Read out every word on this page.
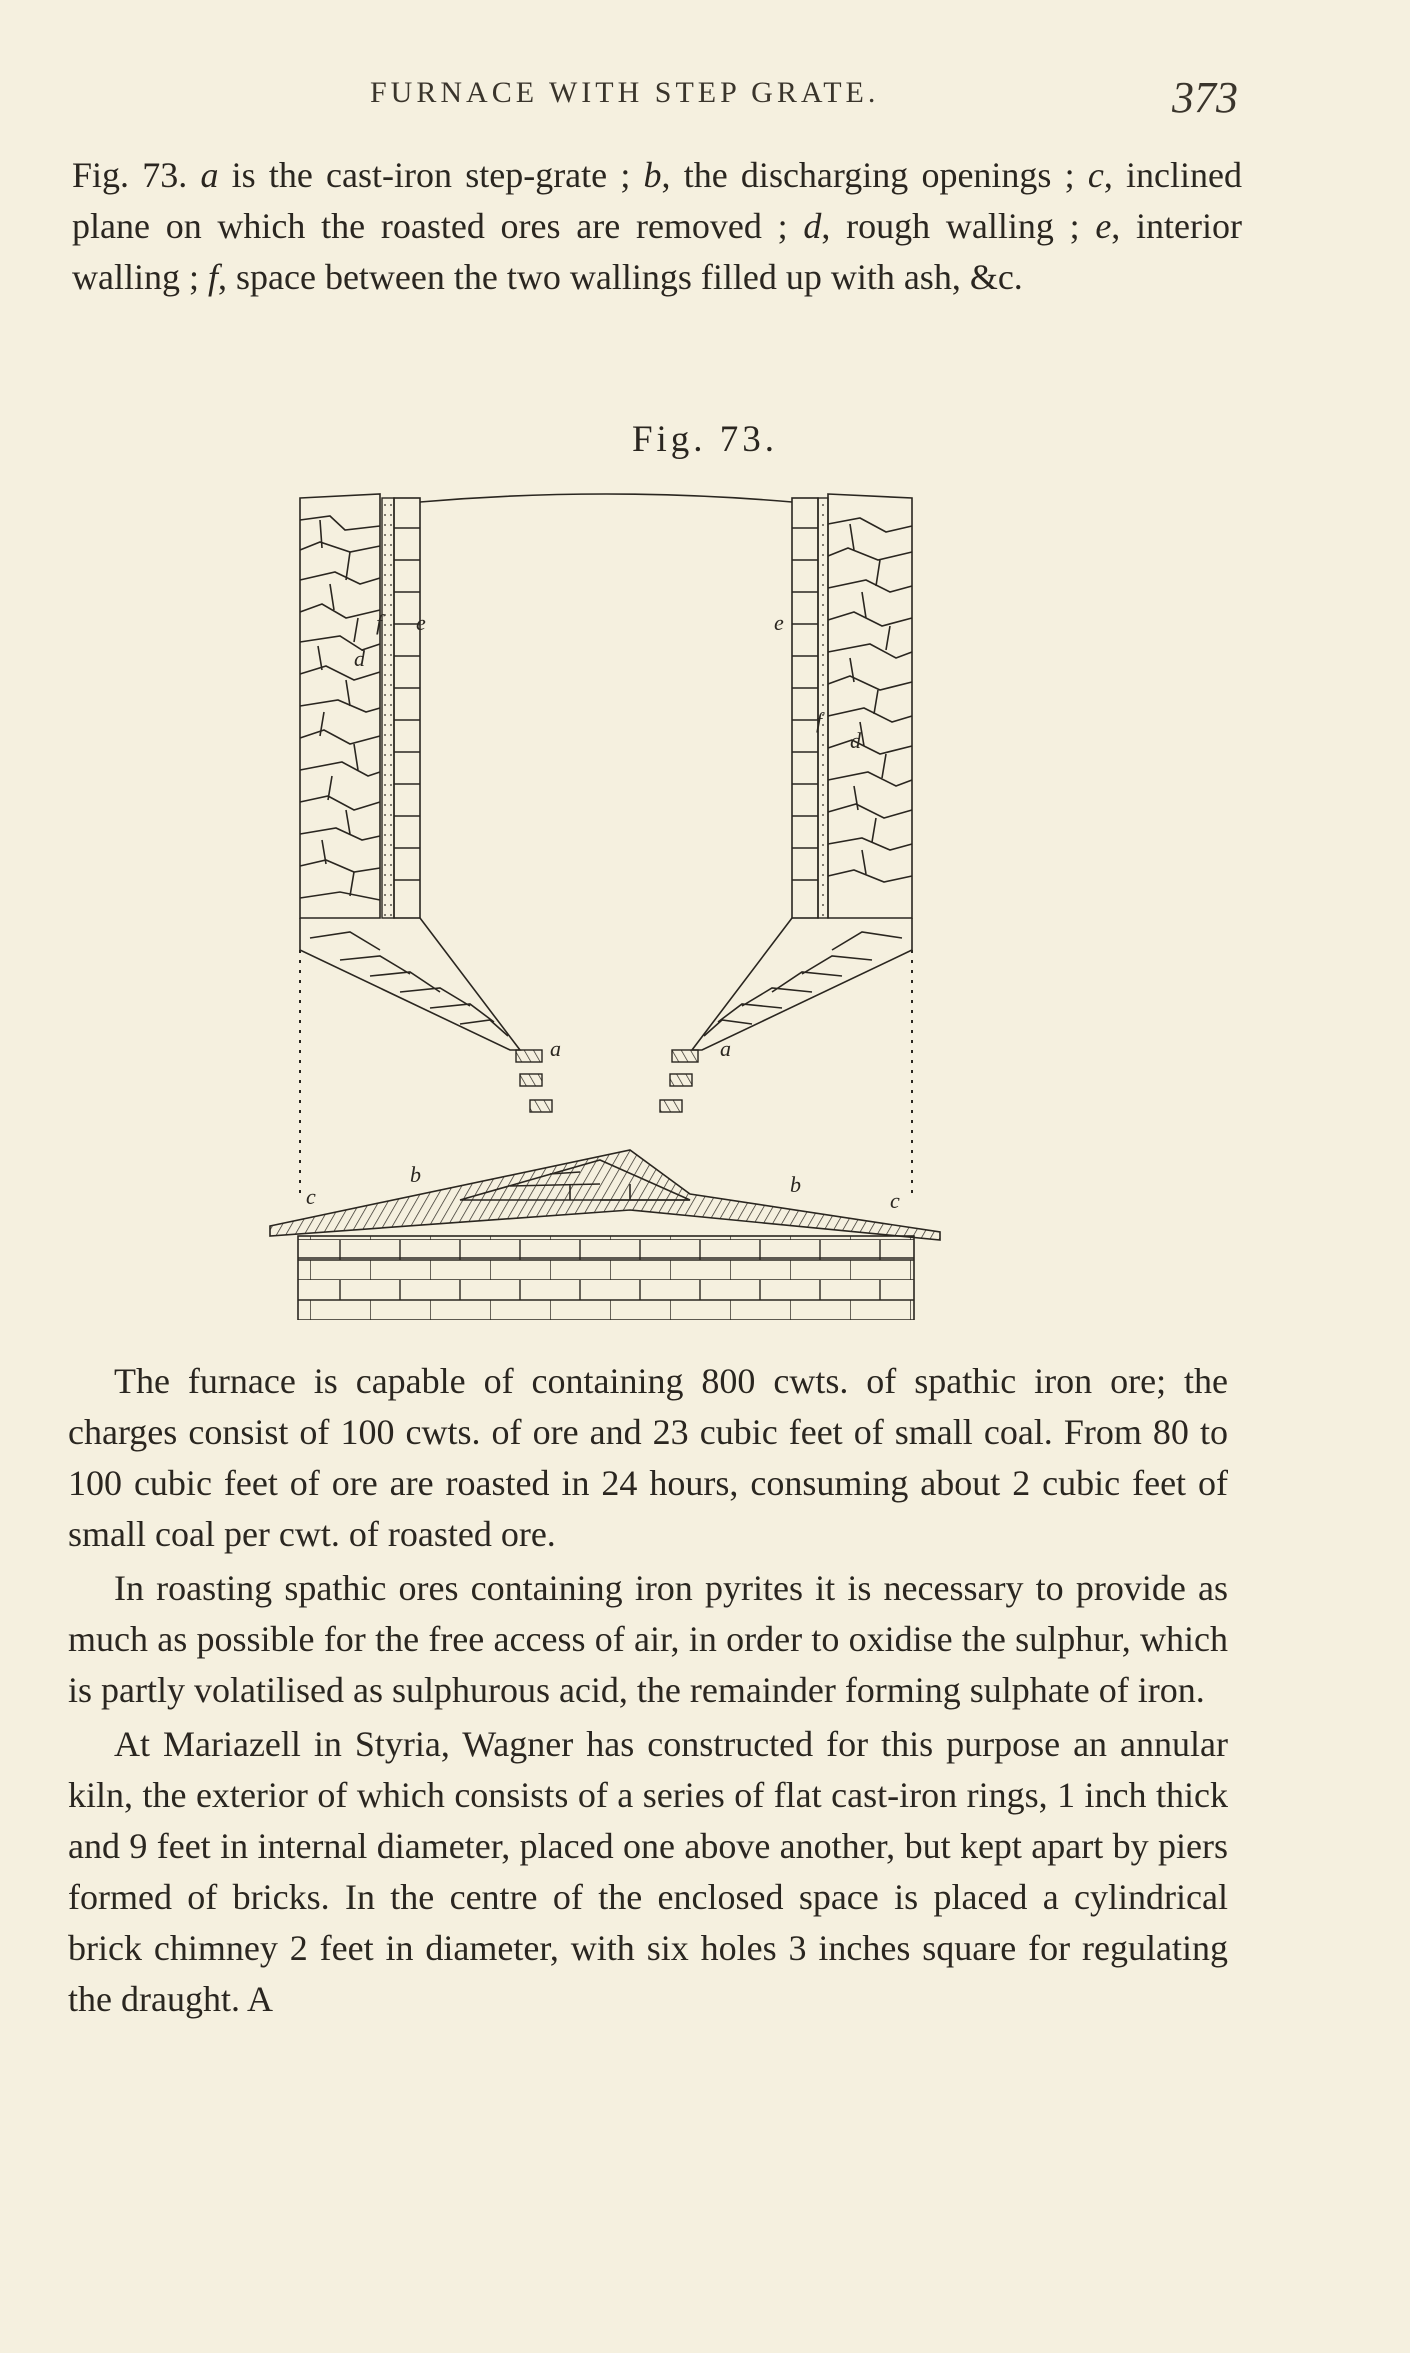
FURNACE WITH STEP GRATE.	373
Fig. 73. a is the cast-iron step-grate ; b, the discharging openings ; c, inclined plane on which the roasted ores are removed ; d, rough walling ; e, interior walling ; f, space between the two wallings filled up with ash, &c.
Fig. 73.
e	e
f
f
d
d
a	a
b	b
c	c

The furnace is capable of containing 800 cwts. of spathic iron ore; the charges consist of 100 cwts. of ore and 23 cubic feet of small coal. From 80 to 100 cubic feet of ore are roasted in 24 hours, consuming about 2 cubic feet of small coal per cwt. of roasted ore.

In roasting spathic ores containing iron pyrites it is necessary to provide as much as possible for the free access of air, in order to oxidise the sulphur, which is partly volatilised as sulphurous acid, the remainder forming sulphate of iron.

At Mariazell in Styria, Wagner has constructed for this purpose an annular kiln, the exterior of which consists of a series of flat cast-iron rings, 1 inch thick and 9 feet in internal diameter, placed one above another, but kept apart by piers formed of bricks. In the centre of the enclosed space is placed a cylindrical brick chimney 2 feet in diameter, with six holes 3 inches square for regulating the draught. A
